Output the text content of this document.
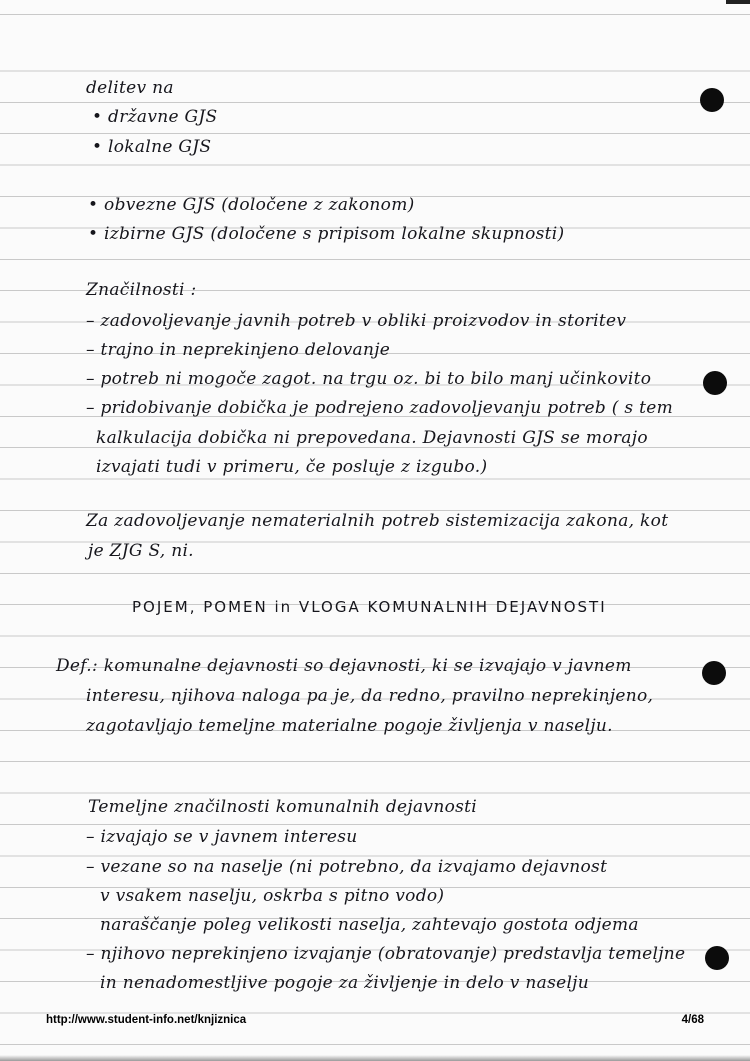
delitev na
• državne GJS
• lokalne GJS
• obvezne GJS (določene z zakonom)
• izbirne GJS (določene s pripisom lokalne skupnosti)
Značilnosti :
– zadovoljevanje javnih potreb v obliki proizvodov in storitev
– trajno in neprekinjeno delovanje
– potreb ni mogoče zagot. na trgu oz. bi to bilo manj učinkovito
– pridobivanje dobička je podrejeno zadovoljevanju potreb ( s tem
kalkulacija dobička ni prepovedana. Dejavnosti GJS se morajo
izvajati tudi v primeru, če posluje z izgubo.)
Za zadovoljevanje nematerialnih potreb sistemizacija zakona, kot
je ZJG S, ni.
POJEM, POMEN in VLOGA KOMUNALNIH DEJAVNOSTI
Def.: komunalne dejavnosti so dejavnosti, ki se izvajajo v javnem
interesu, njihova naloga pa je, da redno, pravilno neprekinjeno,
zagotavljajo temeljne materialne pogoje življenja v naselju.
Temeljne značilnosti komunalnih dejavnosti
– izvajajo se v javnem interesu
– vezane so na naselje (ni potrebno, da izvajamo dejavnost
v vsakem naselju, oskrba s pitno vodo)
naraščanje poleg velikosti naselja, zahtevajo gostota odjema
– njihovo neprekinjeno izvajanje (obratovanje) predstavlja temeljne
in nenadomestljive pogoje za življenje in delo v naselju
http://www.student-info.net/knjiznica	4/68
